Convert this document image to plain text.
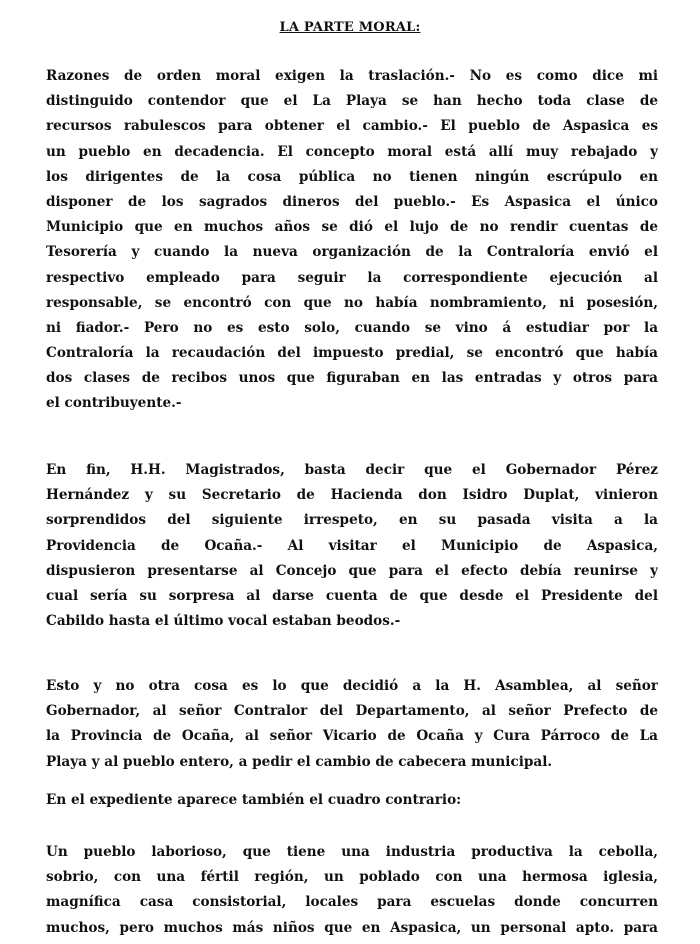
LA PARTE MORAL:
Razones de orden moral exigen la traslación.- No es como dice mi
distinguido contendor que el La Playa se han hecho toda clase de
recursos rabulescos para obtener el cambio.- El pueblo de Aspasica es
un pueblo en decadencia. El concepto moral está allí muy rebajado y
los dirigentes de la cosa pública no tienen ningún escrúpulo en
disponer de los sagrados dineros del pueblo.- Es Aspasica el único
Municipio que en muchos años se dió el lujo de no rendir cuentas de
Tesorería y cuando la nueva organización de la Contraloría envió el
respectivo empleado para seguir la correspondiente ejecución al
responsable, se encontró con que no había nombramiento, ni posesión,
ni fiador.- Pero no es esto solo, cuando se vino á estudiar por la
Contraloría la recaudación del impuesto predial, se encontró que había
dos clases de recibos unos que figuraban en las entradas y otros para
el contribuyente.-
En fin, H.H. Magistrados, basta decir que el Gobernador Pérez
Hernández y su Secretario de Hacienda don Isidro Duplat, vinieron
sorprendidos del siguiente irrespeto, en su pasada visita a la
Providencia de Ocaña.- Al visitar el Municipio de Aspasica,
dispusieron presentarse al Concejo que para el efecto debía reunirse y
cual sería su sorpresa al darse cuenta de que desde el Presidente del
Cabildo hasta el último vocal estaban beodos.-
Esto y no otra cosa es lo que decidió a la H. Asamblea, al señor
Gobernador, al señor Contralor del Departamento, al señor Prefecto de
la Provincia de Ocaña, al señor Vicario de Ocaña y Cura Párroco de La
Playa y al pueblo entero, a pedir el cambio de cabecera municipal.
En el expediente aparece también el cuadro contrario:
Un pueblo laborioso, que tiene una industria productiva la cebolla,
sobrio, con una fértil región, un poblado con una hermosa iglesia,
magnífica casa consistorial, locales para escuelas donde concurren
muchos, pero muchos más niños que en Aspasica, un personal apto. para
